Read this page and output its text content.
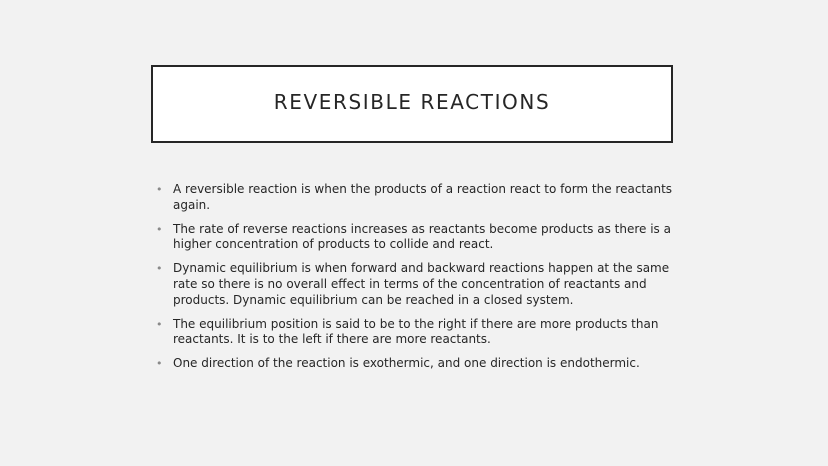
REVERSIBLE REACTIONS
• A reversible reaction is when the products of a reaction react to form the reactants again.
• The rate of reverse reactions increases as reactants become products as there is a higher concentration of products to collide and react.
• Dynamic equilibrium is when forward and backward reactions happen at the same rate so there is no overall effect in terms of the concentration of reactants and products. Dynamic equilibrium can be reached in a closed system.
• The equilibrium position is said to be to the right if there are more products than reactants. It is to the left if there are more reactants.
• One direction of the reaction is exothermic, and one direction is endothermic.
